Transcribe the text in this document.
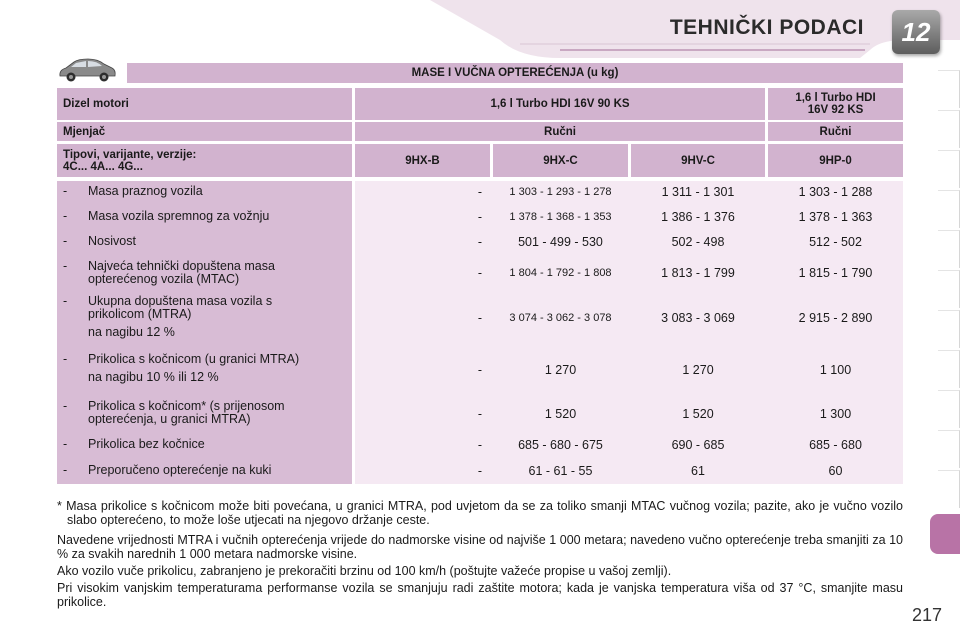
TEHNIČKI PODACI	12
MASE I VUČNA OPTEREĆENJA (u kg)
Dizel motori	1,6 l Turbo HDI 16V 90 KS	1,6 l Turbo HDI
16V 92 KS
Mjenjač	Ručni	Ručni
Tipovi, varijante, verzije:
4C... 4A... 4G...	9HX-B	9HX-C	9HV-C	9HP-0
- Masa praznog vozila	-	1 303 - 1 293 - 1 278	1 311 - 1 301	1 303 - 1 288
- Masa vozila spremnog za vožnju	-	1 378 - 1 368 - 1 353	1 386 - 1 376	1 378 - 1 363
- Nosivost	-	501 - 499 - 530	502 - 498	512 - 502
- Najveća tehnički dopuštena masa
opterećenog vozila (MTAC)	-	1 804 - 1 792 - 1 808	1 813 - 1 799	1 815 - 1 790
- Ukupna dopuštena masa vozila s
prikolicom (MTRA)
na nagibu 12 %
-	3 074 - 3 062 - 3 078	3 083 - 3 069	2 915 - 2 890
- Prikolica s kočnicom (u granici MTRA)
na nagibu 10 % ili 12 %	-	1 270	1 270	1 100
- Prikolica s kočnicom* (s prijenosom
opterećenja, u granici MTRA)	-	1 520	1 520	1 300
- Prikolica bez kočnice	-	685 - 680 - 675	690 - 685	685 - 680
- Preporučeno opterećenje na kuki	-	61 - 61 - 55	61	60

* Masa prikolice s kočnicom može biti povećana, u granici MTRA, pod uvjetom da se za toliko smanji MTAC vučnog vozila; pazite, ako je vučno vozilo slabo opterećeno, to može loše utjecati na njegovo držanje ceste.

Navedene vrijednosti MTRA i vučnih opterećenja vrijede do nadmorske visine od najviše 1 000 metara; navedeno vučno opterećenje treba smanjiti za 10 % za svakih narednih 1 000 metara nadmorske visine.

Ako vozilo vuče prikolicu, zabranjeno je prekoračiti brzinu od 100 km/h (poštujte važeće propise u vašoj zemlji).

Pri visokim vanjskim temperaturama performanse vozila se smanjuju radi zaštite motora; kada je vanjska temperatura viša od 37 °C, smanjite masu prikolice.

217
